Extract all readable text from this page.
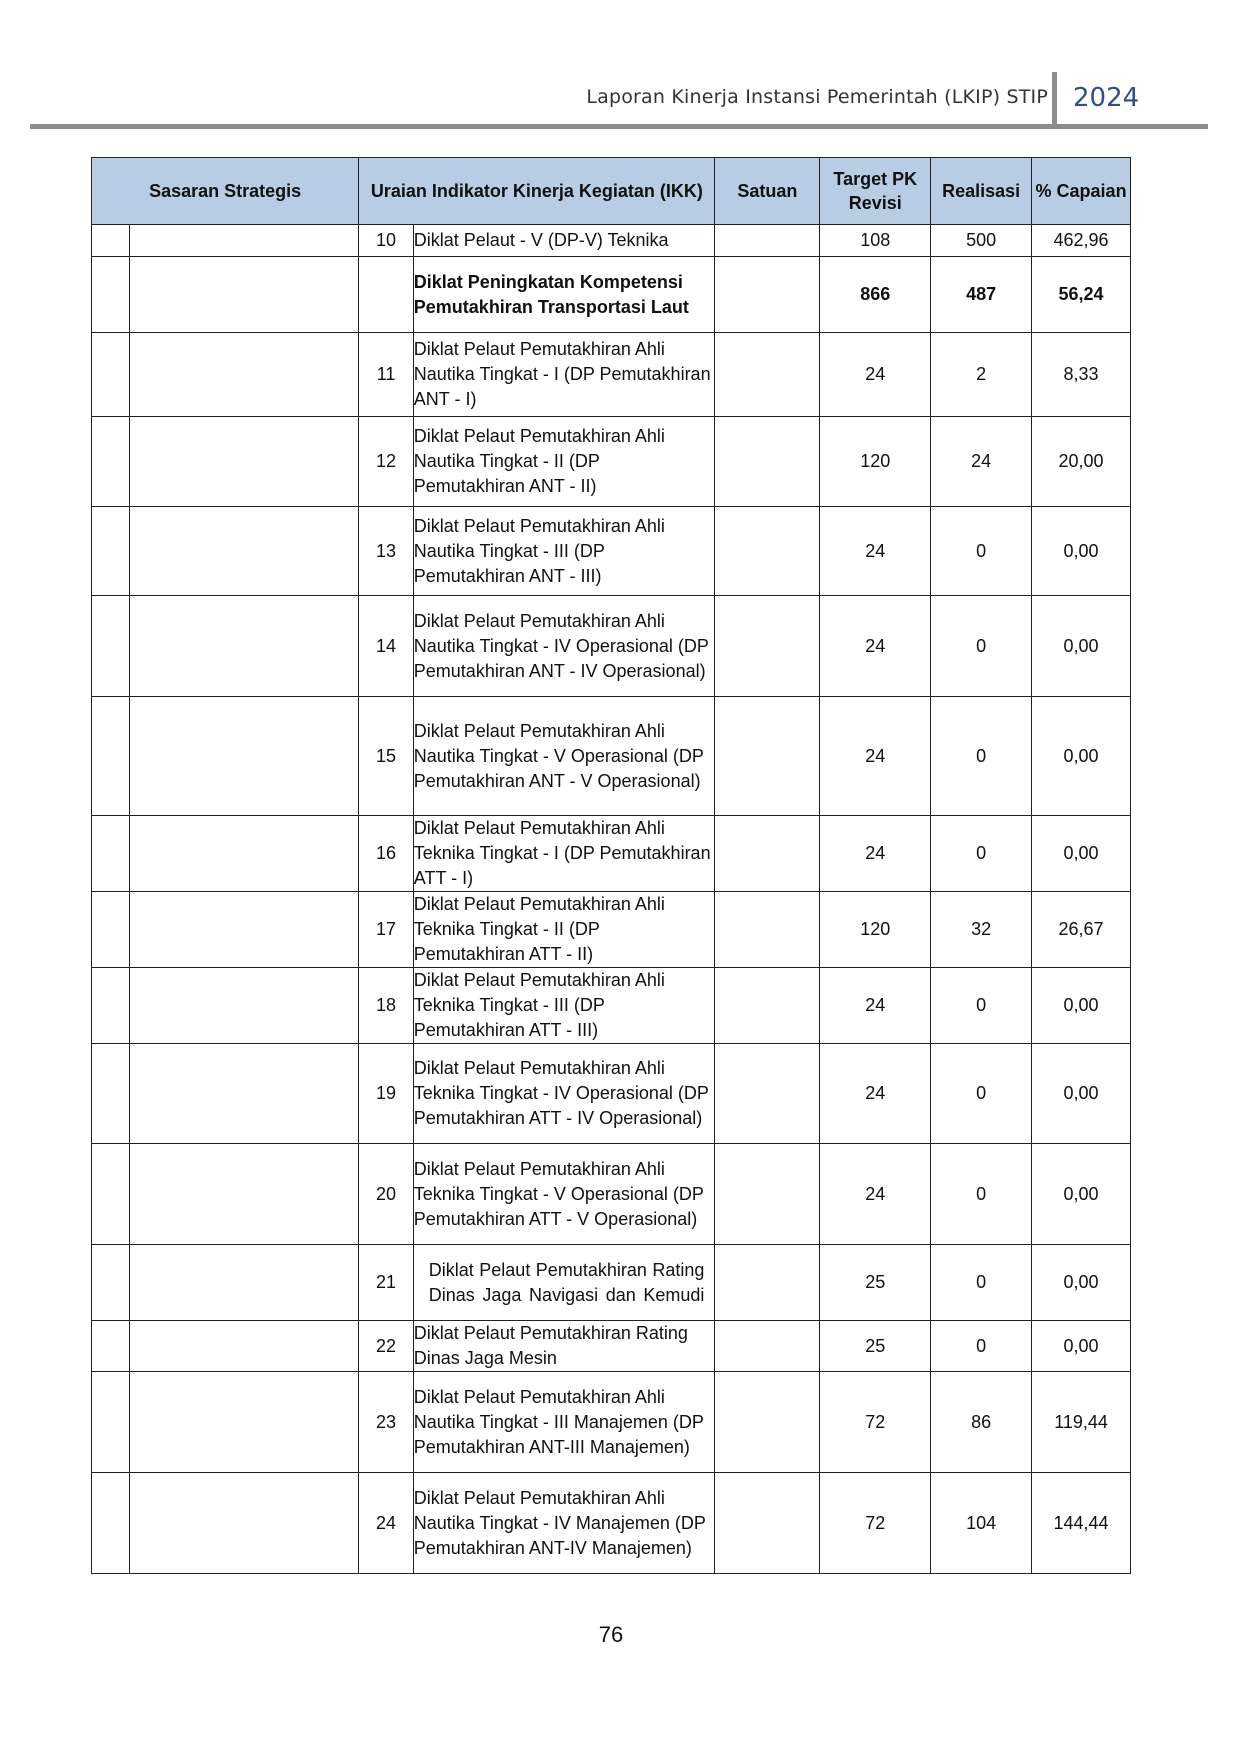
Laporan Kinerja Instansi Pemerintah (LKIP) STIP 2024
Sasaran Strategis		Uraian Indikator Kinerja Kegiatan (IKK)		Satuan	Target PK Revisi	Realisasi	% Capaian
		10	Diklat Pelaut - V (DP-V) Teknika		108	500	462,96
			Diklat Peningkatan Kompetensi Pemutakhiran Transportasi Laut		866	487	56,24
		11	Diklat Pelaut Pemutakhiran Ahli Nautika Tingkat - I (DP Pemutakhiran ANT - I)		24	2	8,33
		12	Diklat Pelaut Pemutakhiran Ahli Nautika Tingkat - II (DP Pemutakhiran ANT - II)		120	24	20,00
		13	Diklat Pelaut Pemutakhiran Ahli Nautika Tingkat - III (DP Pemutakhiran ANT - III)		24	0	0,00
		14	Diklat Pelaut Pemutakhiran Ahli Nautika Tingkat - IV Operasional (DP Pemutakhiran ANT - IV Operasional)		24	0	0,00
		15	Diklat Pelaut Pemutakhiran Ahli Nautika Tingkat - V Operasional (DP Pemutakhiran ANT - V Operasional)		24	0	0,00
		16	Diklat Pelaut Pemutakhiran Ahli Teknika Tingkat - I (DP Pemutakhiran ATT - I)		24	0	0,00
		17	Diklat Pelaut Pemutakhiran Ahli Teknika Tingkat - II (DP Pemutakhiran ATT - II)		120	32	26,67
		18	Diklat Pelaut Pemutakhiran Ahli Teknika Tingkat - III (DP Pemutakhiran ATT - III)		24	0	0,00
		19	Diklat Pelaut Pemutakhiran Ahli Teknika Tingkat - IV Operasional (DP Pemutakhiran ATT - IV Operasional)		24	0	0,00
		20	Diklat Pelaut Pemutakhiran Ahli Teknika Tingkat - V Operasional (DP Pemutakhiran ATT - V Operasional)		24	0	0,00
		21	Diklat Pelaut Pemutakhiran Rating Dinas Jaga Navigasi dan Kemudi		25	0	0,00
		22	Diklat Pelaut Pemutakhiran Rating Dinas Jaga Mesin		25	0	0,00
		23	Diklat Pelaut Pemutakhiran Ahli Nautika Tingkat - III Manajemen (DP Pemutakhiran ANT-III Manajemen)		72	86	119,44
		24	Diklat Pelaut Pemutakhiran Ahli Nautika Tingkat - IV Manajemen (DP Pemutakhiran ANT-IV Manajemen)		72	104	144,44
76
